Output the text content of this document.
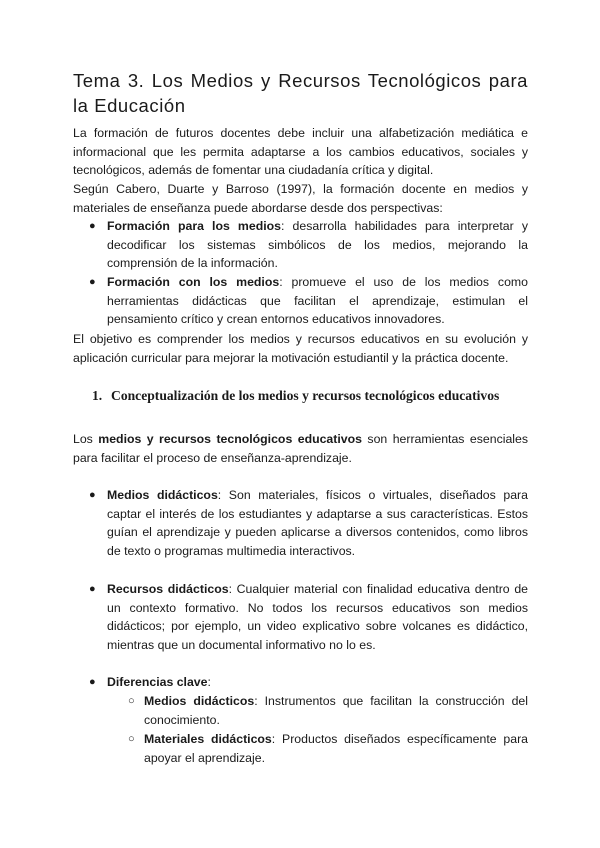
Tema 3. Los Medios y Recursos Tecnológicos para la Educación

La formación de futuros docentes debe incluir una alfabetización mediática e informacional que les permita adaptarse a los cambios educativos, sociales y tecnológicos, además de fomentar una ciudadanía crítica y digital.

Según Cabero, Duarte y Barroso (1997), la formación docente en medios y materiales de enseñanza puede abordarse desde dos perspectivas:

● Formación para los medios: desarrolla habilidades para interpretar y decodificar los sistemas simbólicos de los medios, mejorando la comprensión de la información.

● Formación con los medios: promueve el uso de los medios como herramientas didácticas que facilitan el aprendizaje, estimulan el pensamiento crítico y crean entornos educativos innovadores.

El objetivo es comprender los medios y recursos educativos en su evolución y aplicación curricular para mejorar la motivación estudiantil y la práctica docente.

1. Conceptualización de los medios y recursos tecnológicos educativos

Los medios y recursos tecnológicos educativos son herramientas esenciales para facilitar el proceso de enseñanza-aprendizaje.

● Medios didácticos: Son materiales, físicos o virtuales, diseñados para captar el interés de los estudiantes y adaptarse a sus características. Estos guían el aprendizaje y pueden aplicarse a diversos contenidos, como libros de texto o programas multimedia interactivos.

● Recursos didácticos: Cualquier material con finalidad educativa dentro de un contexto formativo. No todos los recursos educativos son medios didácticos; por ejemplo, un video explicativo sobre volcanes es didáctico, mientras que un documental informativo no lo es.

● Diferencias clave:

○ Medios didácticos: Instrumentos que facilitan la construcción del conocimiento.

○ Materiales didácticos: Productos diseñados específicamente para apoyar el aprendizaje.
